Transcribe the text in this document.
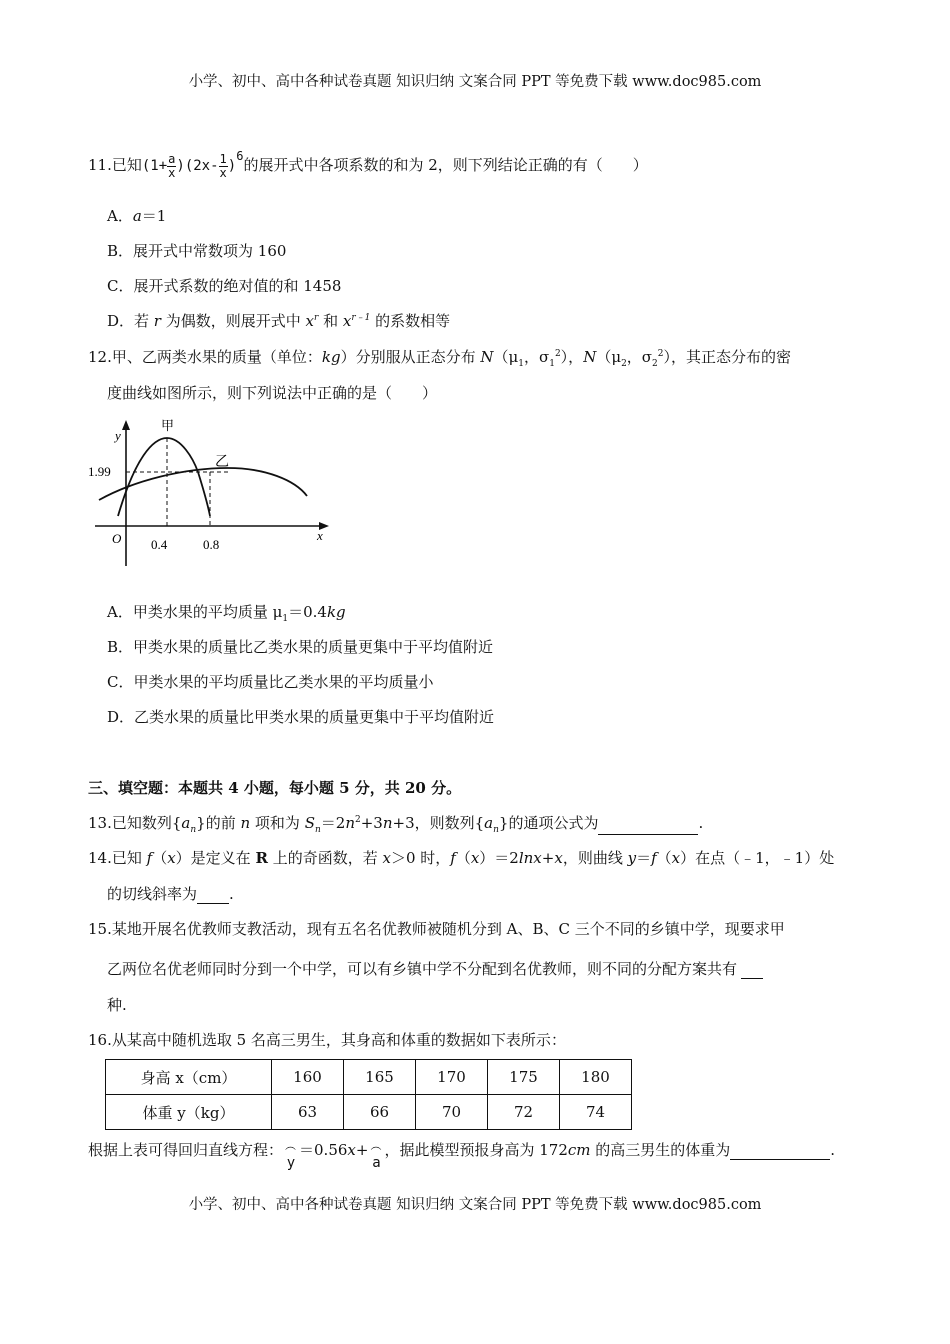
小学、初中、高中各种试卷真题 知识归纳 文案合同 PPT 等免费下载 www.doc985.com
11.已知$(1+ \frac{a}{x} )(2x- \frac{1}{x} )^6$的展开式中各项系数的和为 2，则下列结论正确的有（　　）
A．a＝1
B．展开式中常数项为 160
C．展开式系数的绝对值的和 1458
D．若 r 为偶数，则展开式中 $x^r$ 和 $x^{r﹣1}$ 的系数相等
12.甲、乙两类水果的质量（单位：kg）分别服从正态分布 $N(\mu_1$，$\sigma_1^2$），$N(\mu_2$，$\sigma_2^2$），其正态分布的密
度曲线如图所示，则下列说法中正确的是（　　）
y
甲
乙
1.99
O 0.4	0.8
x
A．甲类水果的平均质量 $\mu_1=0.4kg$
B．甲类水果的质量比乙类水果的质量更集中于平均值附近
C．甲类水果的平均质量比乙类水果的平均质量小
D．乙类水果的质量比甲类水果的质量更集中于平均值附近
三、填空题：本题共 4 小题，每小题 5 分，共 20 分。
13.已知数列$\{a_n\}$的前 n 项和为 $S_n=2n^2+3n+3$，则数列$\{a_n\}$的通项公式为	.
14.已知 f（x）是定义在 R 上的奇函数，若 x＞0 时，f（x）＝2lnx+x，则曲线 y＝f（x）在点（﹣1，﹣1）处
的切线斜率为 .
15.某地开展名优教师支教活动，现有五名名优教师被随机分到 A、B、C 三个不同的乡镇中学，现要求甲
乙两位名优老师同时分到一个中学，可以有乡镇中学不分配到名优教师，则不同的分配方案共有
种.
16.从某高中随机选取 5 名高三男生，其身高和体重的数据如下表所示：
身高 x（cm）	160	165	170	175	180
体重 y（kg）	63	66	70	72	74
根据上表可得回归直线方程： ︵
y＝0.56x+ ︵
a，据此模型预报身高为 172cm 的高三男生的体重为	.
小学、初中、高中各种试卷真题 知识归纳 文案合同 PPT 等免费下载 www.doc985.com
